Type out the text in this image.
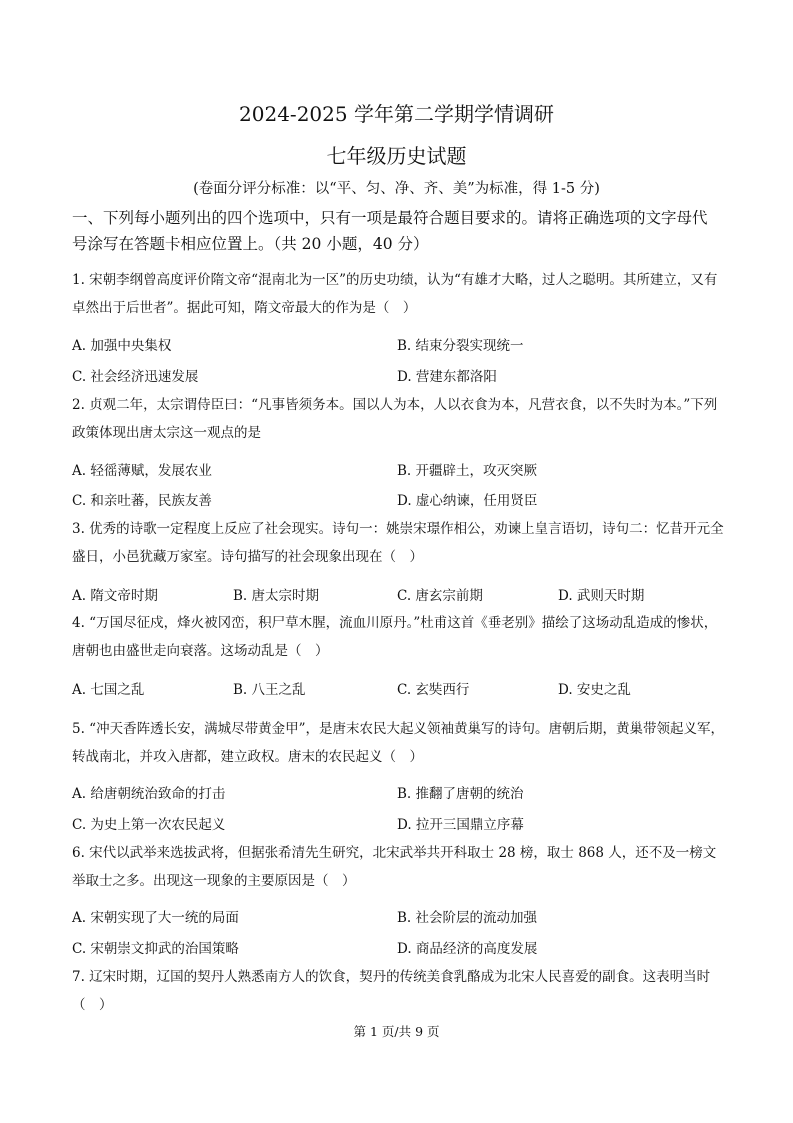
2024-2025 学年第二学期学情调研
七年级历史试题
(卷面分评分标准：以“平、匀、净、齐、美”为标准，得 1-5 分)
一、下列每小题列出的四个选项中，只有一项是最符合题目要求的。请将正确选项的文字母代号涂写在答题卡相应位置上。（共 20 小题，40 分）
1. 宋朝李纲曾高度评价隋文帝“混南北为一区”的历史功绩，认为“有雄才大略，过人之聪明。其所建立，又有卓然出于后世者”。据此可知，隋文帝最大的作为是（　）
A. 加强中央集权	B. 结束分裂实现统一
C. 社会经济迅速发展	D. 营建东都洛阳
2. 贞观二年，太宗谓侍臣曰：“凡事皆须务本。国以人为本，人以衣食为本，凡营衣食，以不失时为本。”下列政策体现出唐太宗这一观点的是
A. 轻徭薄赋，发展农业	B. 开疆辟土，攻灭突厥
C. 和亲吐蕃，民族友善	D. 虚心纳谏，任用贤臣
3. 优秀的诗歌一定程度上反应了社会现实。诗句一：姚崇宋璟作相公，劝谏上皇言语切，诗句二：忆昔开元全盛日，小邑犹藏万家室。诗句描写的社会现象出现在（　）
A. 隋文帝时期	B. 唐太宗时期	C. 唐玄宗前期	D. 武则天时期
4. “万国尽征戍，烽火被冈峦，积尸草木腥，流血川原丹。”杜甫这首《垂老别》描绘了这场动乱造成的惨状，唐朝也由盛世走向衰落。这场动乱是（　）
A. 七国之乱	B. 八王之乱	C. 玄奘西行	D. 安史之乱
5. “冲天香阵透长安，满城尽带黄金甲”，是唐末农民大起义领袖黄巢写的诗句。唐朝后期，黄巢带领起义军，转战南北，并攻入唐都，建立政权。唐末的农民起义（　）
A. 给唐朝统治致命的打击	B. 推翻了唐朝的统治
C. 为史上第一次农民起义	D. 拉开三国鼎立序幕
6. 宋代以武举来选拔武将，但据张希清先生研究，北宋武举共开科取士 28 榜，取士 868 人，还不及一榜文举取士之多。出现这一现象的主要原因是（　）
A. 宋朝实现了大一统的局面	B. 社会阶层的流动加强
C. 宋朝崇文抑武的治国策略	D. 商品经济的高度发展
7. 辽宋时期，辽国的契丹人熟悉南方人的饮食，契丹的传统美食乳酪成为北宋人民喜爱的副食。这表明当时（　）
第 1 页/共 9 页
